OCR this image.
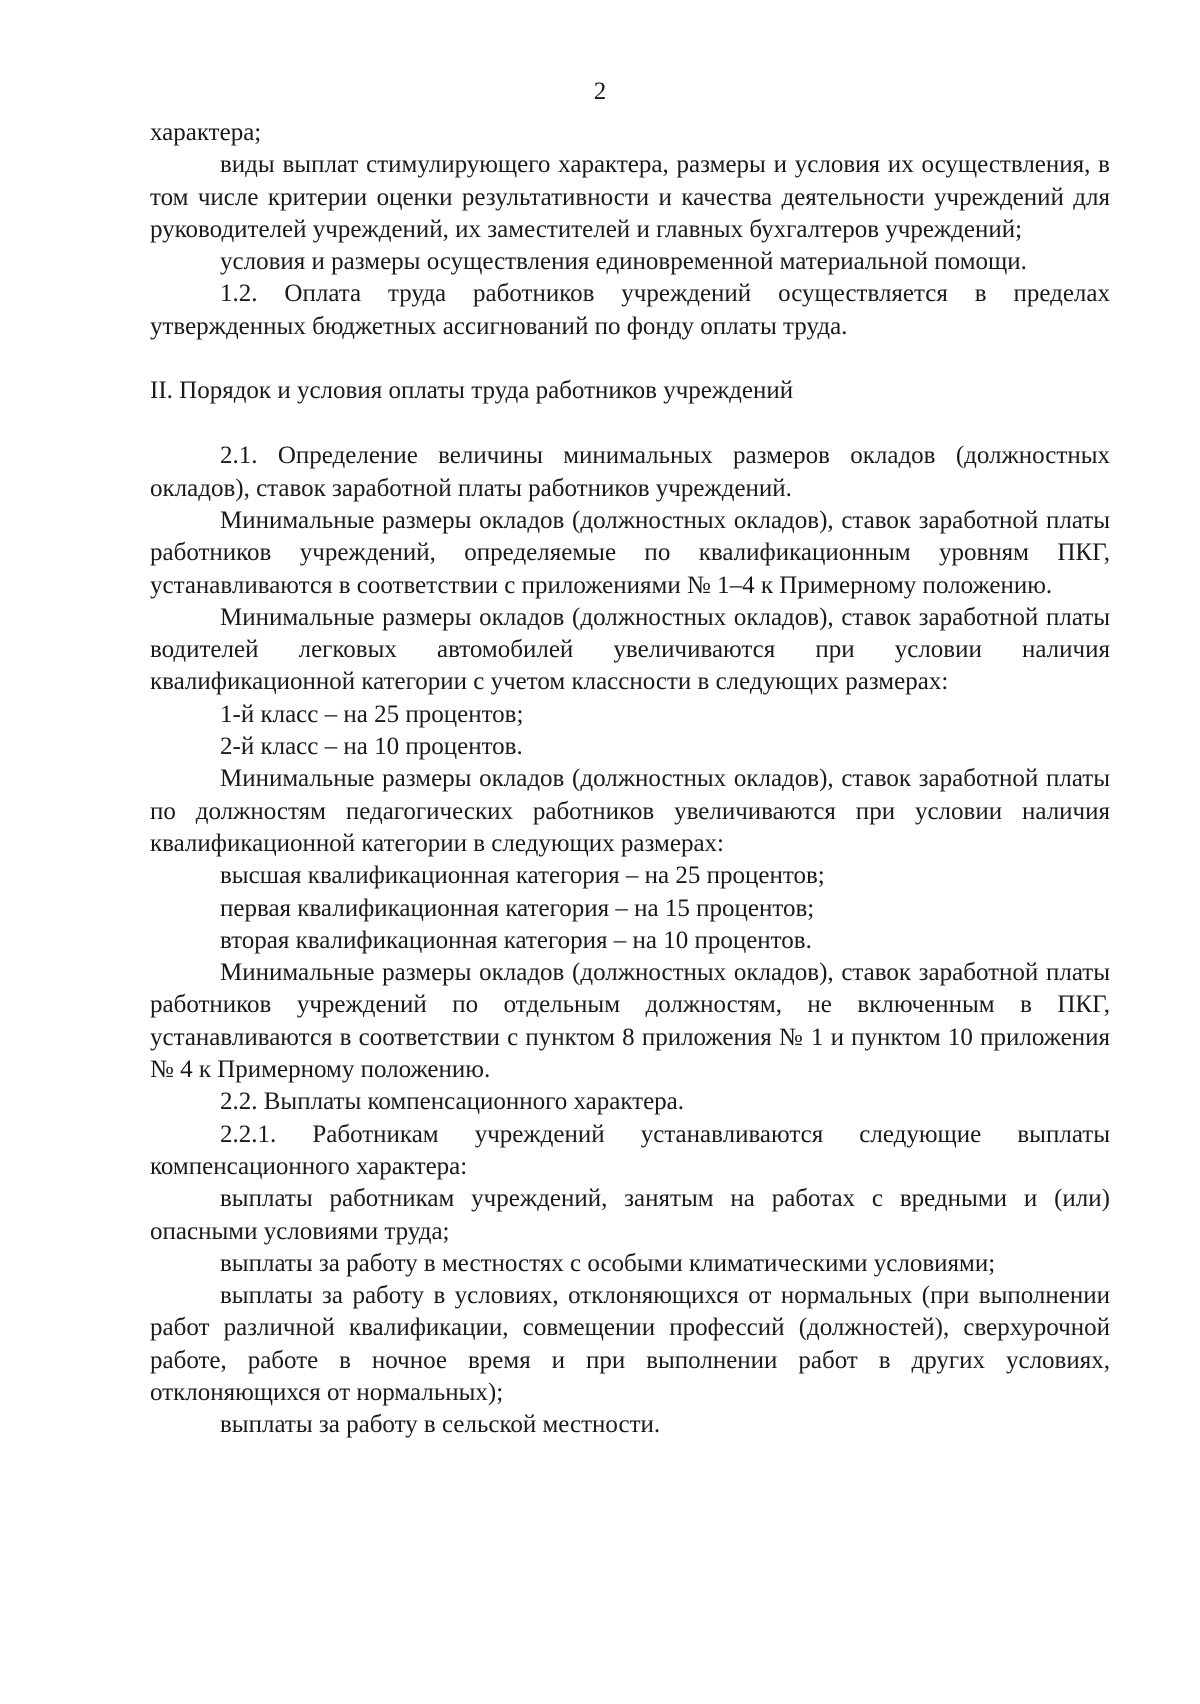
2

характера;

виды выплат стимулирующего характера, размеры и условия их осуществления, в том числе критерии оценки результативности и качества деятельности учреждений для руководителей учреждений, их заместителей и главных бухгалтеров учреждений;

условия и размеры осуществления единовременной материальной помощи.

1.2. Оплата труда работников учреждений осуществляется в пределах утвержденных бюджетных ассигнований по фонду оплаты труда.

II. Порядок и условия оплаты труда работников учреждений

2.1. Определение величины минимальных размеров окладов (должностных окладов), ставок заработной платы работников учреждений.

Минимальные размеры окладов (должностных окладов), ставок заработной платы работников учреждений, определяемые по квалификационным уровням ПКГ, устанавливаются в соответствии с приложениями № 1–4 к Примерному положению.

Минимальные размеры окладов (должностных окладов), ставок заработной платы водителей легковых автомобилей увеличиваются при условии наличия квалификационной категории с учетом классности в следующих размерах:

1-й класс – на 25 процентов;

2-й класс – на 10 процентов.

Минимальные размеры окладов (должностных окладов), ставок заработной платы по должностям педагогических работников увеличиваются при условии наличия квалификационной категории в следующих размерах:

высшая квалификационная категория – на 25 процентов;

первая квалификационная категория – на 15 процентов;

вторая квалификационная категория – на 10 процентов.

Минимальные размеры окладов (должностных окладов), ставок заработной платы работников учреждений по отдельным должностям, не включенным в ПКГ, устанавливаются в соответствии с пунктом 8 приложения № 1 и пунктом 10 приложения № 4 к Примерному положению.

2.2. Выплаты компенсационного характера.

2.2.1. Работникам учреждений устанавливаются следующие выплаты компенсационного характера:

выплаты работникам учреждений, занятым на работах с вредными и (или) опасными условиями труда;

выплаты за работу в местностях с особыми климатическими условиями;

выплаты за работу в условиях, отклоняющихся от нормальных (при выполнении работ различной квалификации, совмещении профессий (должностей), сверхурочной работе, работе в ночное время и при выполнении работ в других условиях, отклоняющихся от нормальных);

выплаты за работу в сельской местности.
